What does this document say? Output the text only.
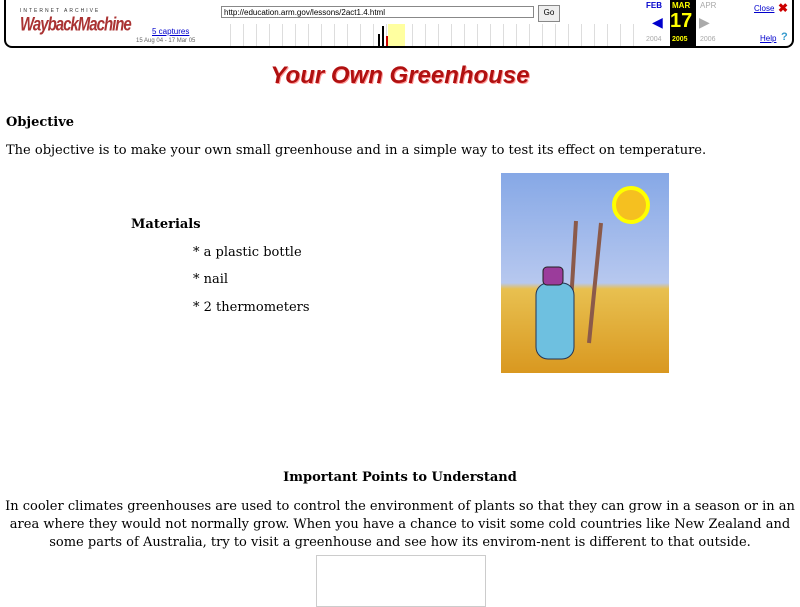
INTERNET ARCHIVE
WaybackMachine	5 captures
15 Aug 04 - 17 Mar 05
http://education.arm.gov/lessons/2act1.4.html	Go
FEB MAR APR
17
◀	▶
2004 2005 2006
Close ✖
Help ?
Your Own Greenhouse
Objective
The objective is to make your own small greenhouse and in a simple way to test its effect on temperature.
Materials
* a plastic bottle
* nail
* 2 thermometers
Important Points to Understand

In cooler climates greenhouses are used to control the environment of plants so that they can grow in a season or in an area where they would not normally grow. When you have a chance to visit some cold countries like New Zealand and some parts of Australia, try to visit a greenhouse and see how its envirom-nent is different to that outside.
